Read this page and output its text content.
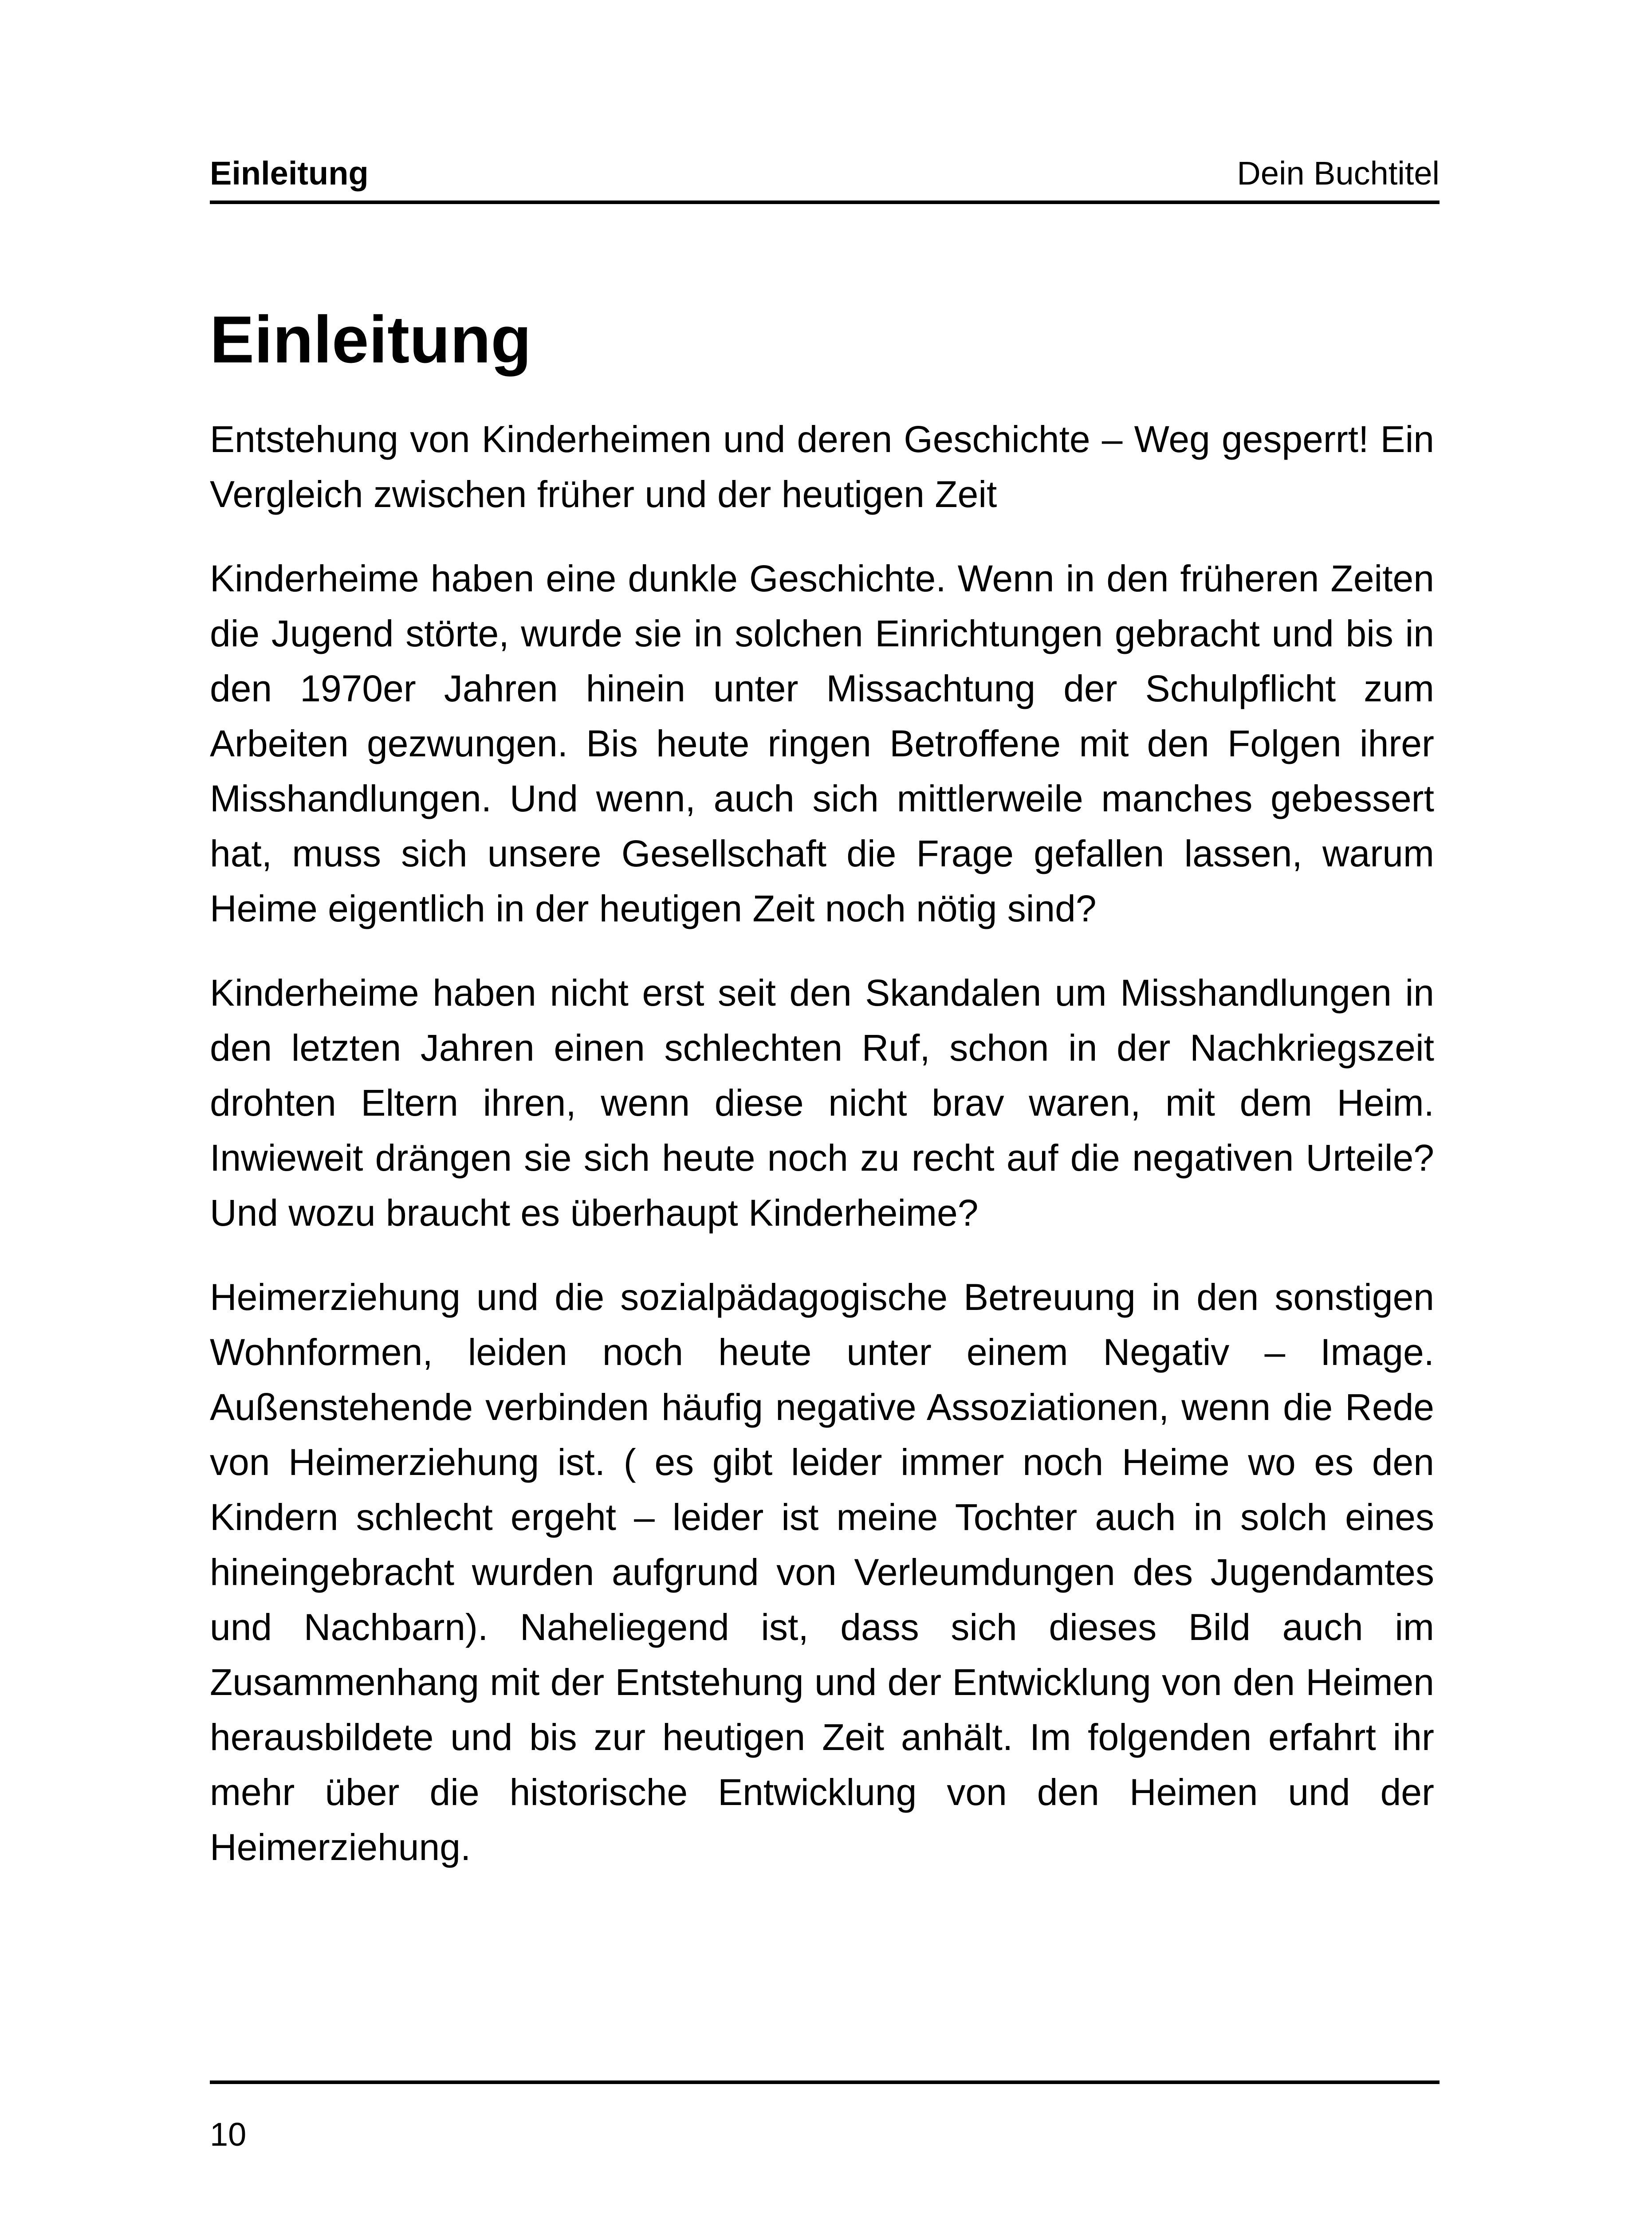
Einleitung	Dein Buchtitel
Einleitung

Entstehung von Kinderheimen und deren Geschichte – Weg gesperrt! Ein Vergleich zwischen früher und der heutigen Zeit

Kinderheime haben eine dunkle Geschichte. Wenn in den früheren Zeiten die Jugend störte, wurde sie in solchen Einrichtungen gebracht und bis in den 1970er Jahren hinein unter Missachtung der Schulpflicht zum Arbeiten gezwungen. Bis heute ringen Betroffene mit den Folgen ihrer Misshandlungen. Und wenn, auch sich mittlerweile manches gebessert hat, muss sich unsere Gesellschaft die Frage gefallen lassen, warum Heime eigentlich in der heutigen Zeit noch nötig sind?

Kinderheime haben nicht erst seit den Skandalen um Misshandlungen in den letzten Jahren einen schlechten Ruf, schon in der Nachkriegszeit drohten Eltern ihren, wenn diese nicht brav waren, mit dem Heim. Inwieweit drängen sie sich heute noch zu recht auf die negativen Urteile? Und wozu braucht es überhaupt Kinderheime?

Heimerziehung und die sozialpädagogische Betreuung in den sonstigen Wohnformen, leiden noch heute unter einem Negativ – Image. Außenstehende verbinden häufig negative Assoziationen, wenn die Rede von Heimerziehung ist. ( es gibt leider immer noch Heime wo es den Kindern schlecht ergeht – leider ist meine Tochter auch in solch eines hineingebracht wurden aufgrund von Verleumdungen des Jugendamtes und Nachbarn). Naheliegend ist, dass sich dieses Bild auch im Zusammenhang mit der Entstehung und der Entwicklung von den Heimen herausbildete und bis zur heutigen Zeit anhält. Im folgenden erfahrt ihr mehr über die historische Entwicklung von den Heimen und der Heimerziehung.

10
